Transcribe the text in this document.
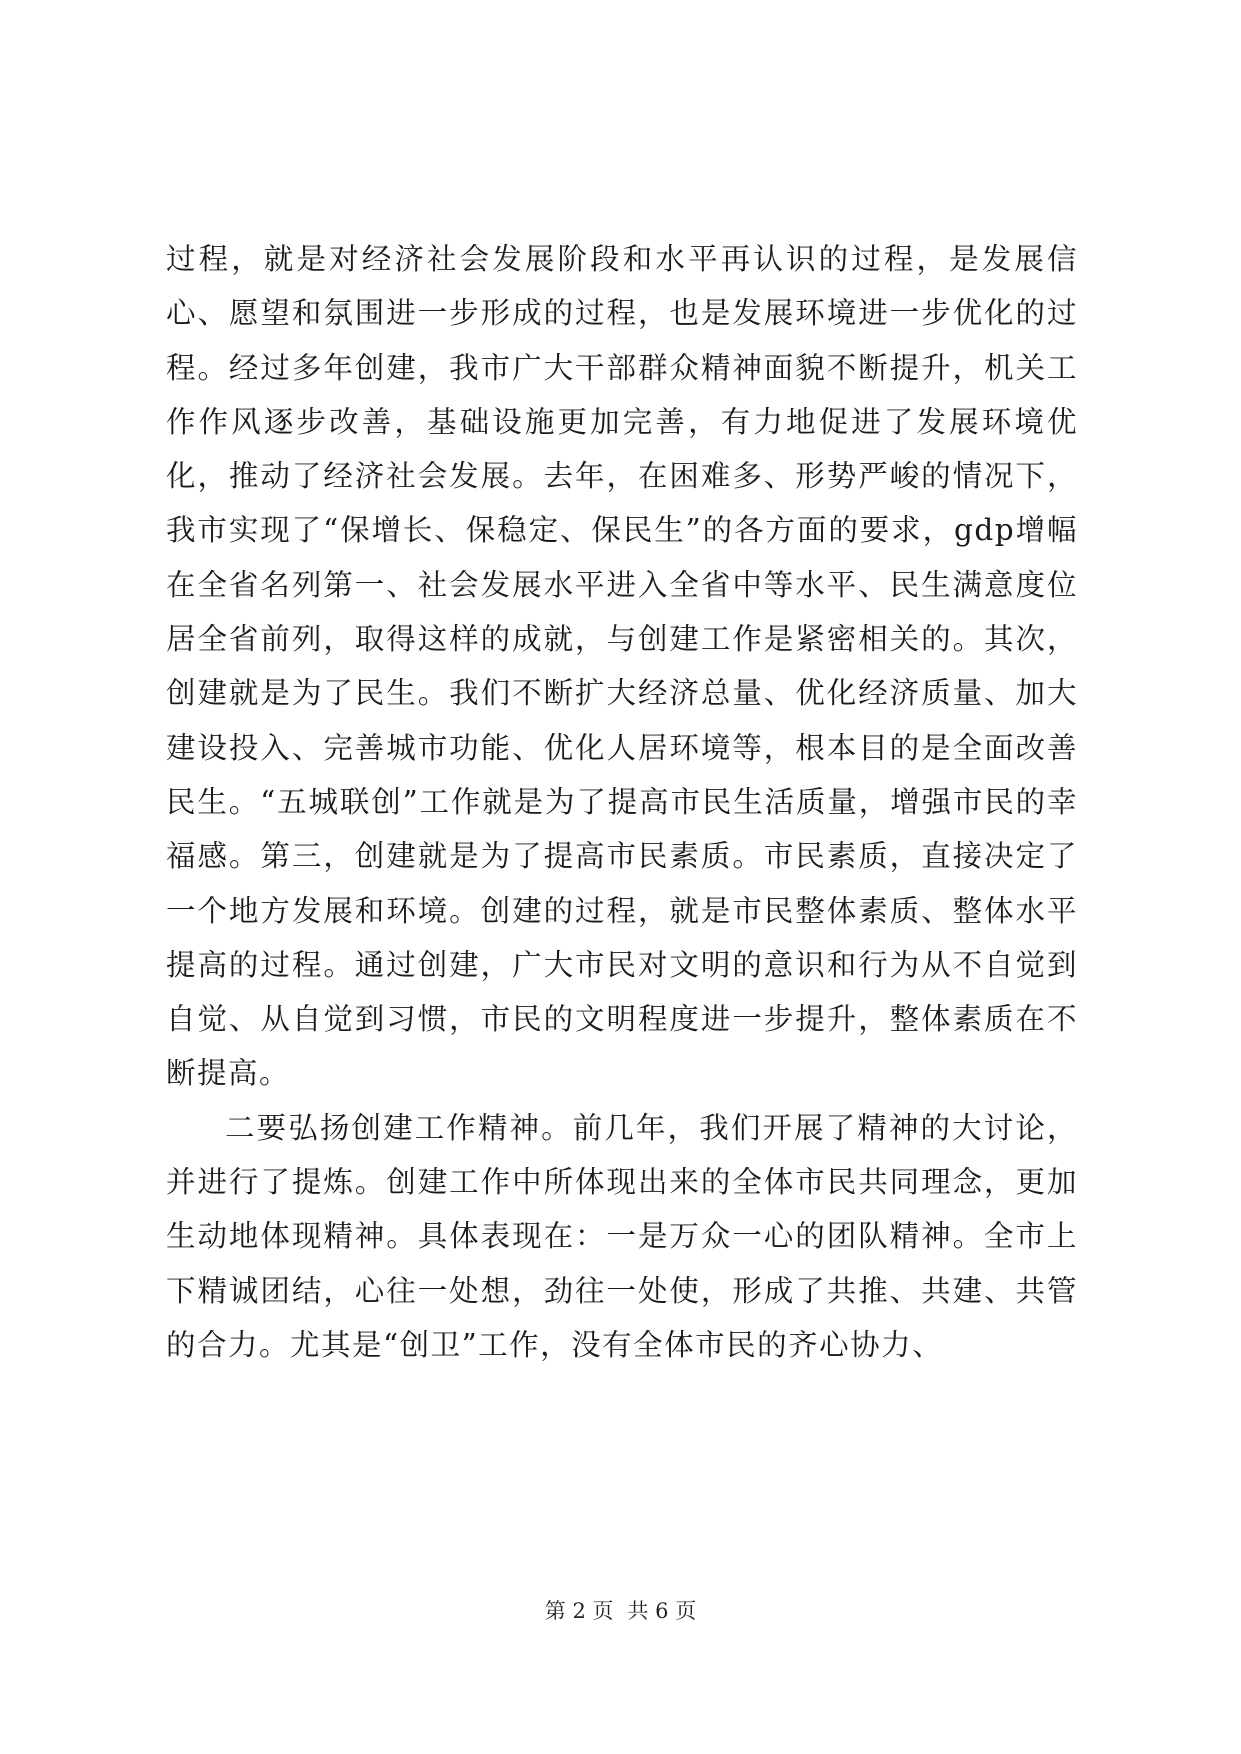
过程，就是对经济社会发展阶段和水平再认识的过程，是发展信心、愿望和氛围进一步形成的过程，也是发展环境进一步优化的过程。经过多年创建，我市广大干部群众精神面貌不断提升，机关工作作风逐步改善，基础设施更加完善，有力地促进了发展环境优化，推动了经济社会发展。去年，在困难多、形势严峻的情况下，我市实现了“保增长、保稳定、保民生”的各方面的要求，gdp增幅在全省名列第一、社会发展水平进入全省中等水平、民生满意度位居全省前列，取得这样的成就，与创建工作是紧密相关的。其次，创建就是为了民生。我们不断扩大经济总量、优化经济质量、加大建设投入、完善城市功能、优化人居环境等，根本目的是全面改善民生。“五城联创”工作就是为了提高市民生活质量，增强市民的幸福感。第三，创建就是为了提高市民素质。市民素质，直接决定了一个地方发展和环境。创建的过程，就是市民整体素质、整体水平提高的过程。通过创建，广大市民对文明的意识和行为从不自觉到自觉、从自觉到习惯，市民的文明程度进一步提升，整体素质在不断提高。

二要弘扬创建工作精神。前几年，我们开展了精神的大讨论，并进行了提炼。创建工作中所体现出来的全体市民共同理念，更加生动地体现精神。具体表现在：一是万众一心的团队精神。全市上下精诚团结，心往一处想，劲往一处使，形成了共推、共建、共管的合力。尤其是“创卫”工作，没有全体市民的齐心协力、

第 2 页 共 6 页
